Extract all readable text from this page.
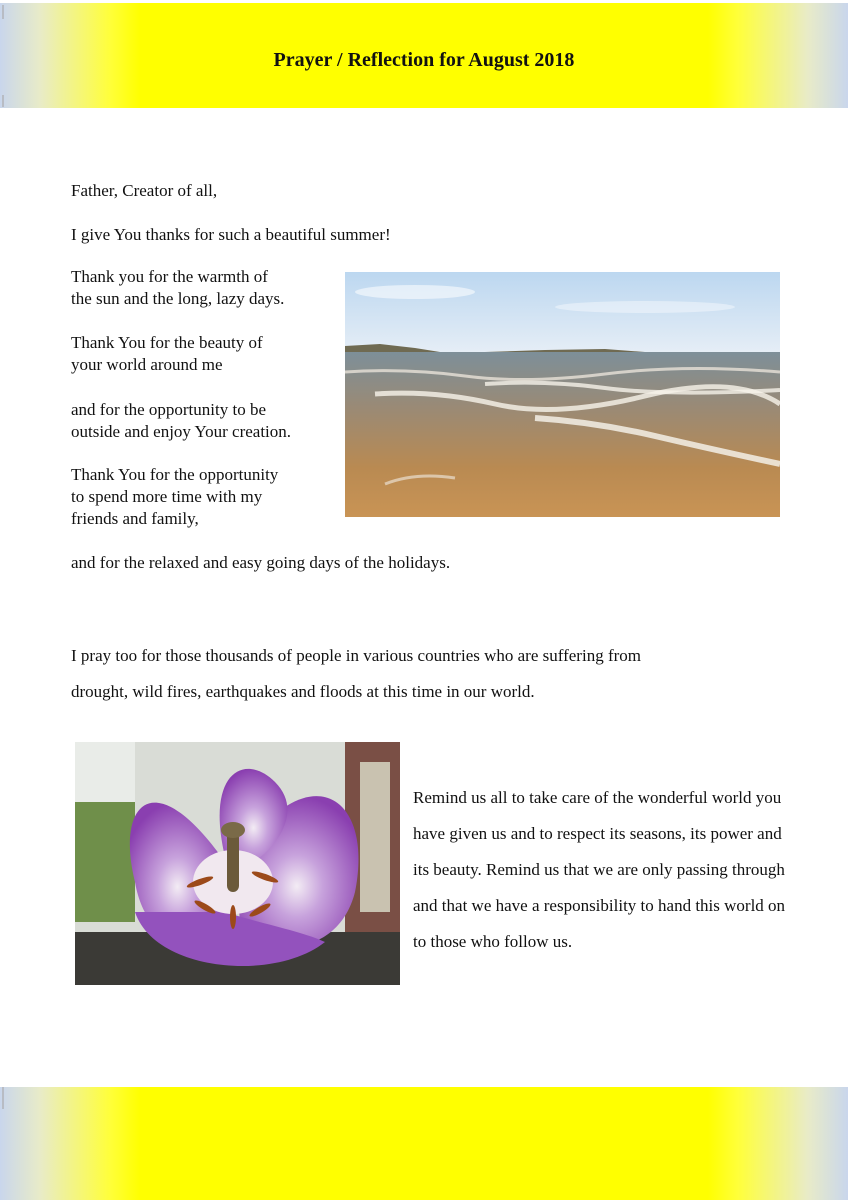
Prayer / Reflection for August 2018

Father, Creator of all,

I give You thanks for such a beautiful summer!

Thank you for the warmth of
the sun and the long, lazy days.

Thank You for the beauty of
your world around me

and for the opportunity to be
outside and enjoy Your creation.

Thank You for the opportunity
to spend more time with my
friends and family,

and for the relaxed and easy going days of the holidays.

I pray too for those thousands of people in various countries who are suffering from
drought, wild fires, earthquakes and floods at this time in our world.

Remind us all to take care of the wonderful world you have given us and to respect its seasons, its power and its beauty. Remind us that we are only passing through and that we have a responsibility to hand this world on to those who follow us.
